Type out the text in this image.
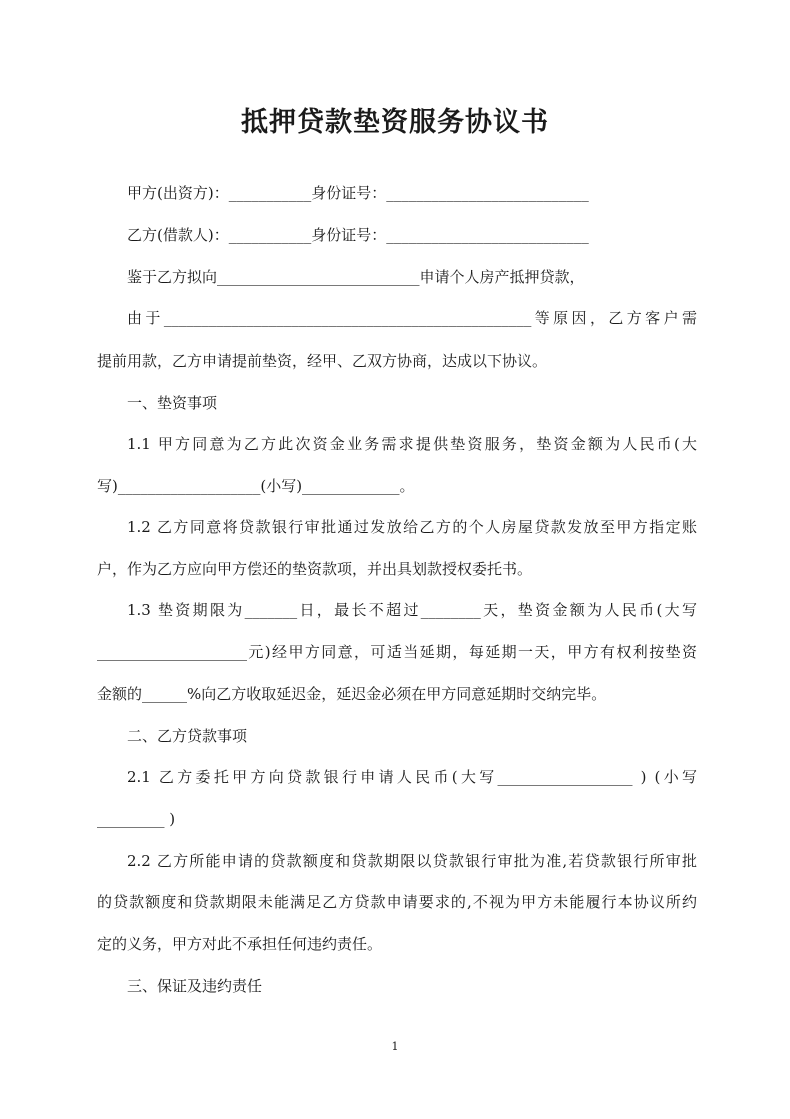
抵押贷款垫资服务协议书
甲方(出资方)：___________身份证号：___________________________
乙方(借款人)：___________身份证号：___________________________
鉴于乙方拟向___________________________申请个人房产抵押贷款，
由于_________________________________________________等原因，乙方客户需
提前用款，乙方申请提前垫资，经甲、乙双方协商，达成以下协议。
一、垫资事项
1.1 甲方同意为乙方此次资金业务需求提供垫资服务，垫资金额为人民币(大
写)___________________(小写)_____________。
1.2 乙方同意将贷款银行审批通过发放给乙方的个人房屋贷款发放至甲方指定账
户，作为乙方应向甲方偿还的垫资款项，并出具划款授权委托书。
1.3 垫资期限为_______日，最长不超过________天，垫资金额为人民币(大写
____________________元)经甲方同意，可适当延期，每延期一天，甲方有权利按垫资
金额的______%向乙方收取延迟金，延迟金必须在甲方同意延期时交纳完毕。
二、乙方贷款事项
2.1 乙方委托甲方向贷款银行申请人民币(大写__________________ ) (小写
_________ )
2.2 乙方所能申请的贷款额度和贷款期限以贷款银行审批为准,若贷款银行所审批
的贷款额度和贷款期限未能满足乙方贷款申请要求的,不视为甲方未能履行本协议所约
定的义务，甲方对此不承担任何违约责任。
三、保证及违约责任
1
